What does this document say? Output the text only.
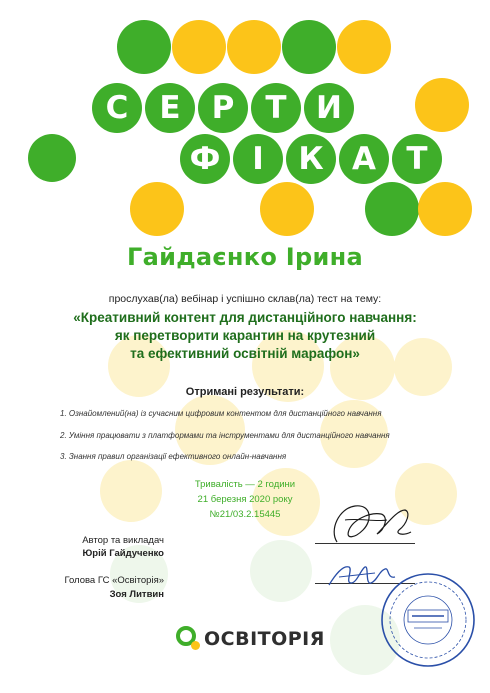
С	Е	Р	Т И
Ф	І	К А Т
Гайдаєнко Ірина
прослухав(ла) вебінар і успішно склав(ла) тест на тему:
«Креативний контент для дистанційного навчання:
як перетворити карантин на крутезний
та ефективний освітній марафон»
Отримані результати:
1. Ознайомлений(на) із сучасним цифровим контентом для дистанційного навчання
2. Уміння працювати з платформами та інструментами для дистанційного навчання
3. Знання правил організації ефективного онлайн-навчання
Тривалість — 2 години
21 березня 2020 року
№21/03.2.15445
Автор та викладач
Юрій Гайдученко
Голова ГС «Освіторія»
Зоя Литвин
ОСВІТОРІЯ
